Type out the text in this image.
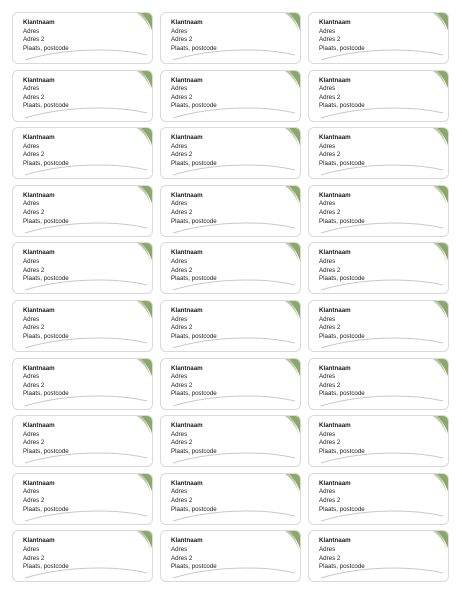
Klantnaam
Adres
Adres 2
Plaats, postcode
Klantnaam
Adres
Adres 2
Plaats, postcode
Klantnaam
Adres
Adres 2
Plaats, postcode
Klantnaam
Adres
Adres 2
Plaats, postcode
Klantnaam
Adres
Adres 2
Plaats, postcode
Klantnaam
Adres
Adres 2
Plaats, postcode
Klantnaam
Adres
Adres 2
Plaats, postcode
Klantnaam
Adres
Adres 2
Plaats, postcode
Klantnaam
Adres
Adres 2
Plaats, postcode
Klantnaam
Adres
Adres 2
Plaats, postcode
Klantnaam
Adres
Adres 2
Plaats, postcode
Klantnaam
Adres
Adres 2
Plaats, postcode
Klantnaam
Adres
Adres 2
Plaats, postcode
Klantnaam
Adres
Adres 2
Plaats, postcode
Klantnaam
Adres
Adres 2
Plaats, postcode
Klantnaam
Adres
Adres 2
Plaats, postcode
Klantnaam
Adres
Adres 2
Plaats, postcode
Klantnaam
Adres
Adres 2
Plaats, postcode
Klantnaam
Adres
Adres 2
Plaats, postcode
Klantnaam
Adres
Adres 2
Plaats, postcode
Klantnaam
Adres
Adres 2
Plaats, postcode
Klantnaam
Adres
Adres 2
Plaats, postcode
Klantnaam
Adres
Adres 2
Plaats, postcode
Klantnaam
Adres
Adres 2
Plaats, postcode
Klantnaam
Adres
Adres 2
Plaats, postcode
Klantnaam
Adres
Adres 2
Plaats, postcode
Klantnaam
Adres
Adres 2
Plaats, postcode
Klantnaam
Adres
Adres 2
Plaats, postcode
Klantnaam
Adres
Adres 2
Plaats, postcode
Klantnaam
Adres
Adres 2
Plaats, postcode
